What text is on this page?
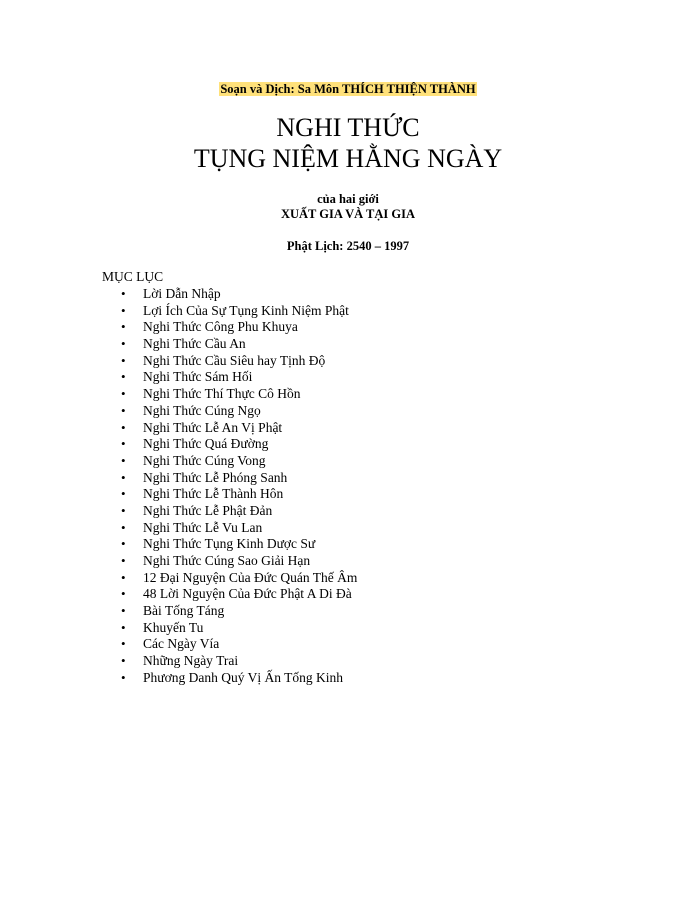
Soạn và Dịch: Sa Môn THÍCH THIỆN THÀNH
NGHI THỨC
TỤNG NIỆM HẰNG NGÀY
của hai giới
XUẤT GIA VÀ TẠI GIA
Phật Lịch: 2540 – 1997
MỤC LỤC
• Lời Dẫn Nhập
• Lợi Ích Của Sự Tụng Kinh Niệm Phật
• Nghi Thức Công Phu Khuya
• Nghi Thức Cầu An
• Nghi Thức Cầu Siêu hay Tịnh Độ
• Nghi Thức Sám Hối
• Nghi Thức Thí Thực Cô Hồn
• Nghi Thức Cúng Ngọ
• Nghi Thức Lễ An Vị Phật
• Nghi Thức Quá Đường
• Nghi Thức Cúng Vong
• Nghi Thức Lễ Phóng Sanh
• Nghi Thức Lễ Thành Hôn
• Nghi Thức Lễ Phật Đản
• Nghi Thức Lễ Vu Lan
• Nghi Thức Tụng Kinh Dược Sư
• Nghi Thức Cúng Sao Giải Hạn
• 12 Đại Nguyện Của Đức Quán Thế Âm
• 48 Lời Nguyện Của Đức Phật A Di Đà
• Bài Tống Táng
• Khuyến Tu
• Các Ngày Vía
• Những Ngày Trai
• Phương Danh Quý Vị Ấn Tống Kinh
